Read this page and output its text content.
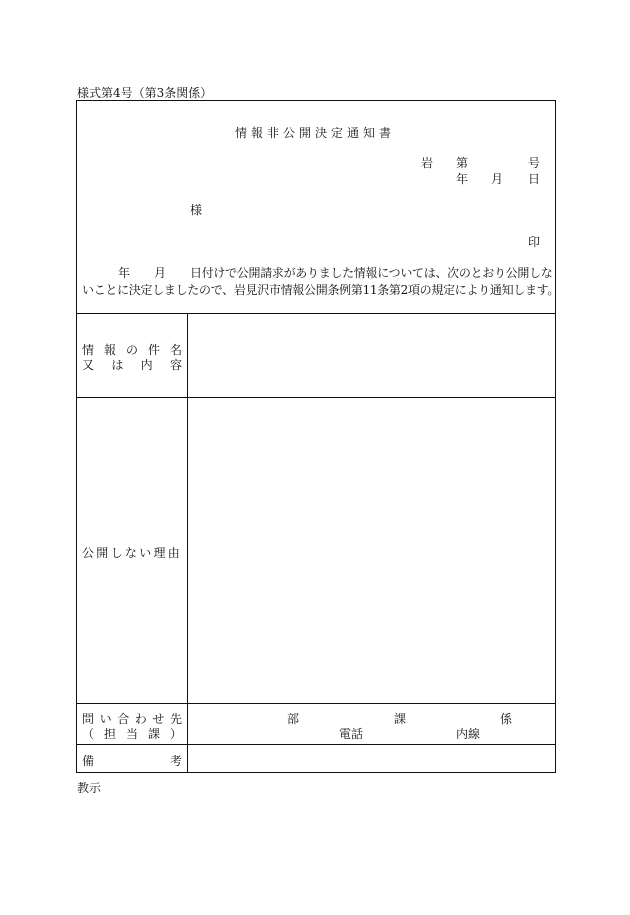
様式第4号（第3条関係）
情報非公開決定通知書
岩 第	号
年 月 日
様
印
年 月 日付けで公開請求がありました情報については、次のとおり公開しな
いことに決定しましたので、岩見沢市情報公開条例第11条第2項の規定により通知します。
情 報 の 件 名
又 は 内 容
公開しない理由
問 い 合 わ せ 先
（ 担 当 課 ）
部	課	係
電話	内線
備	考
教示
